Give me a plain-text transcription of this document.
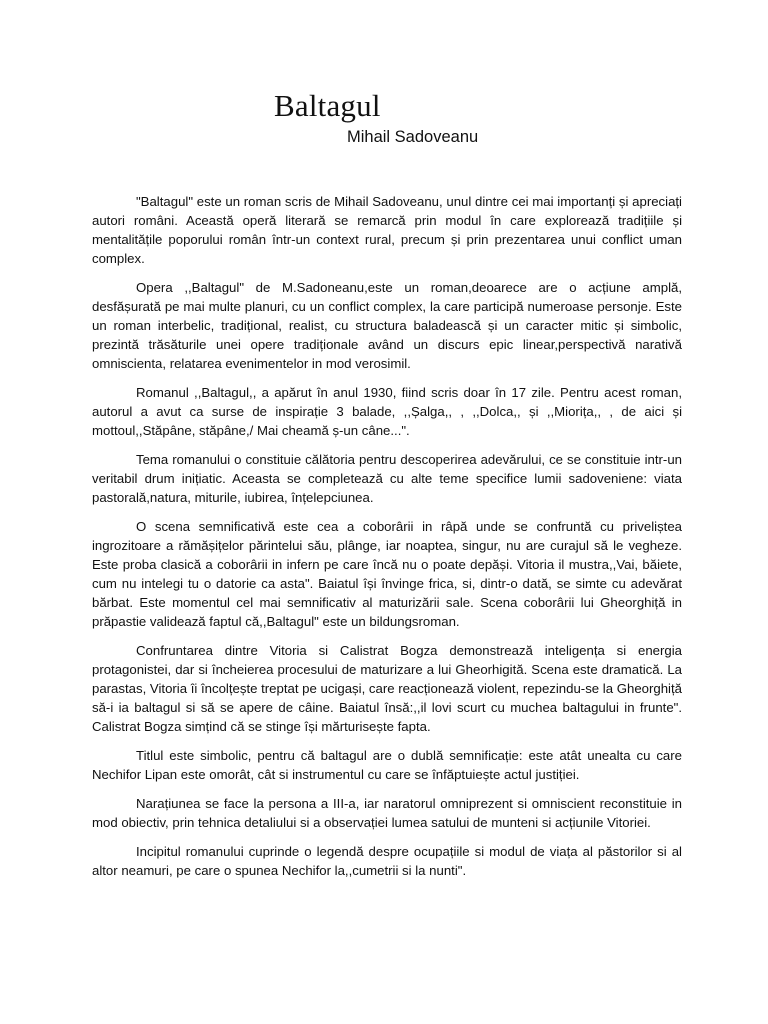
Baltagul
Mihail Sadoveanu

"Baltagul" este un roman scris de Mihail Sadoveanu, unul dintre cei mai importanți și apreciați autori români. Această operă literară se remarcă prin modul în care explorează tradițiile și mentalitățile poporului român într-un context rural, precum și prin prezentarea unui conflict uman complex.

Opera ,,Baltagul" de M.Sadoneanu,este un roman,deoarece are o acțiune amplă, desfășurată pe mai multe planuri, cu un conflict complex, la care participă numeroase personje. Este un roman interbelic, tradițional, realist, cu structura baladească și un caracter mitic și simbolic, prezintă trăsăturile unei opere tradiționale având un discurs epic linear,perspectivă narativă omniscienta, relatarea evenimentelor in mod verosimil.

Romanul ,,Baltagul,, a apărut în anul 1930, fiind scris doar în 17 zile. Pentru acest roman, autorul a avut ca surse de inspirație 3 balade, ,,Șalga,, , ,,Dolca,, și ,,Miorița,, , de aici și mottoul,,Stăpâne, stăpâne,/ Mai cheamă ș-un câne...".

Tema romanului o constituie călătoria pentru descoperirea adevărului, ce se constituie intr-un veritabil drum inițiatic. Aceasta se completează cu alte teme specifice lumii sadoveniene: viata pastorală,natura, miturile, iubirea, înțelepciunea.

O scena semnificativă este cea a coborârii in râpă unde se confruntă cu priveliștea ingrozitoare a rămășițelor părintelui său, plânge, iar noaptea, singur, nu are curajul să le vegheze. Este proba clasică a coborârii in infern pe care încă nu o poate depăși. Vitoria il mustra,,Vai, băiete, cum nu intelegi tu o datorie ca asta". Baiatul își învinge frica, si, dintr-o dată, se simte cu adevărat bărbat. Este momentul cel mai semnificativ al maturizării sale. Scena coborârii lui Gheorghiță in prăpastie validează faptul că,,Baltagul" este un bildungsroman.

Confruntarea dintre Vitoria si Calistrat Bogza demonstrează inteligența si energia protagonistei, dar si încheierea procesului de maturizare a lui Gheorhigită. Scena este dramatică. La parastas, Vitoria îi încolțește treptat pe ucigași, care reacționează violent, repezindu-se la Gheorghiță să-i ia baltagul si să se apere de câine. Baiatul însă:,,il lovi scurt cu muchea baltagului in frunte". Calistrat Bogza simțind că se stinge își mărturisește fapta.

Titlul este simbolic, pentru că baltagul are o dublă semnificație: este atât unealta cu care Nechifor Lipan este omorât, cât si instrumentul cu care se înfăptuiește actul justiției.

Narațiunea se face la persona a III-a, iar naratorul omniprezent si omniscient reconstituie in mod obiectiv, prin tehnica detaliului si a observației lumea satului de munteni si acțiunile Vitoriei.

Incipitul romanului cuprinde o legendă despre ocupațiile si modul de viața al păstorilor si al altor neamuri, pe care o spunea Nechifor la,,cumetrii si la nunti".
